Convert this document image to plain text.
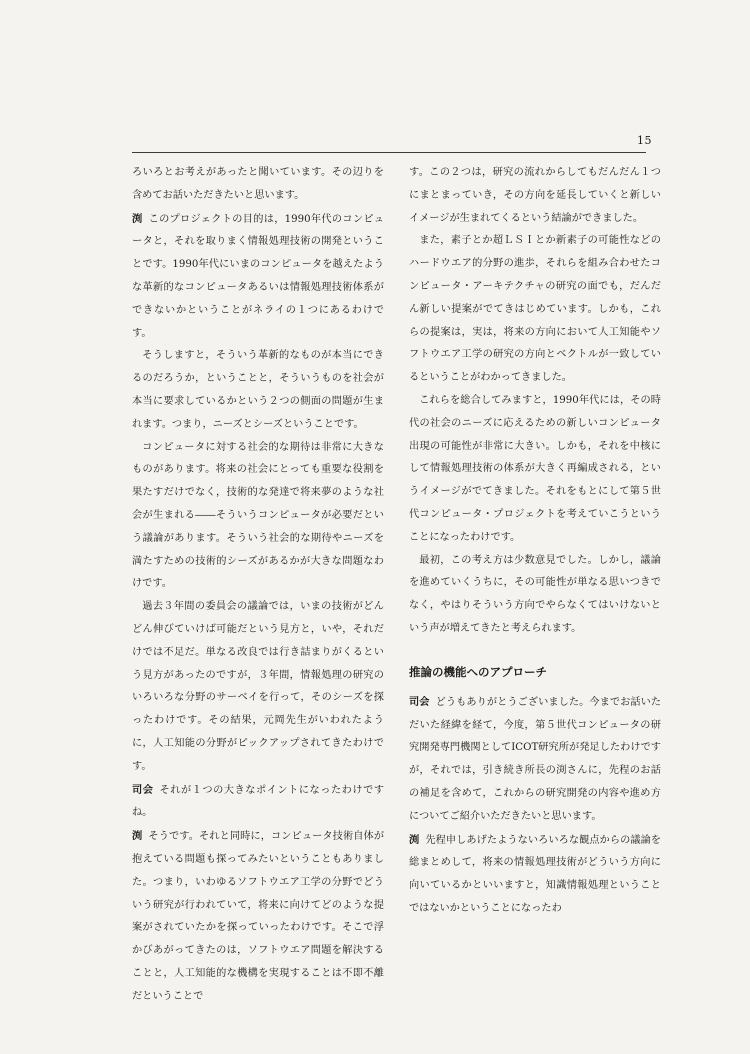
15

ろいろとお考えがあったと聞いています。その辺りを含めてお話いただきたいと思います。

渕 このプロジェクトの目的は，1990年代のコンピュータと，それを取りまく情報処理技術の開発ということです。1990年代にいまのコンピュータを越えたような革新的なコンピュータあるいは情報処理技術体系ができないかということがネライの１つにあるわけです。

そうしますと，そういう革新的なものが本当にできるのだろうか，ということと，そういうものを社会が本当に要求しているかという２つの側面の問題が生まれます。つまり，ニーズとシーズということです。

コンピュータに対する社会的な期待は非常に大きなものがあります。将来の社会にとっても重要な役割を果たすだけでなく，技術的な発達で将来夢のような社会が生まれる――そういうコンピュータが必要だという議論があります。そういう社会的な期待やニーズを満たすための技術的シーズがあるかが大きな問題なわけです。

過去３年間の委員会の議論では，いまの技術がどんどん伸びていけば可能だという見方と，いや，それだけでは不足だ。単なる改良では行き詰まりがくるという見方があったのですが，３年間，情報処理の研究のいろいろな分野のサーベイを行って，そのシーズを探ったわけです。その結果，元岡先生がいわれたように，人工知能の分野がピックアップされてきたわけです。

司会 それが１つの大きなポイントになったわけですね。

渕 そうです。それと同時に，コンピュータ技術自体が抱えている問題も探ってみたいということもありました。つまり，いわゆるソフトウエア工学の分野でどういう研究が行われていて，将来に向けてどのような提案がされていたかを探っていったわけです。そこで浮かびあがってきたのは，ソフトウエア問題を解決することと，人工知能的な機構を実現することは不即不離だということで

す。この２つは，研究の流れからしてもだんだん１つにまとまっていき，その方向を延長していくと新しいイメージが生まれてくるという結論ができました。

また，素子とか超ＬＳＩとか新素子の可能性などのハードウエア的分野の進歩，それらを組み合わせたコンピュータ・アーキテクチャの研究の面でも，だんだん新しい提案がでてきはじめています。しかも，これらの提案は，実は，将来の方向において人工知能やソフトウエア工学の研究の方向とベクトルが一致しているということがわかってきました。

これらを総合してみますと，1990年代には，その時代の社会のニーズに応えるための新しいコンピュータ出現の可能性が非常に大きい。しかも，それを中核にして情報処理技術の体系が大きく再編成される，というイメージがでてきました。それをもとにして第５世代コンピュータ・プロジェクトを考えていこうということになったわけです。

最初，この考え方は少数意見でした。しかし，議論を進めていくうちに，その可能性が単なる思いつきでなく，やはりそういう方向でやらなくてはいけないという声が増えてきたと考えられます。

推論の機能へのアプローチ

司会 どうもありがとうございました。今までお話いただいた経緯を経て，今度，第５世代コンピュータの研究開発専門機関としてICOT研究所が発足したわけですが，それでは，引き続き所長の渕さんに，先程のお話の補足を含めて，これからの研究開発の内容や進め方についてご紹介いただきたいと思います。

渕 先程申しあげたようないろいろな観点からの議論を総まとめして，将来の情報処理技術がどういう方向に向いているかといいますと，知識情報処理ということではないかということになったわ
